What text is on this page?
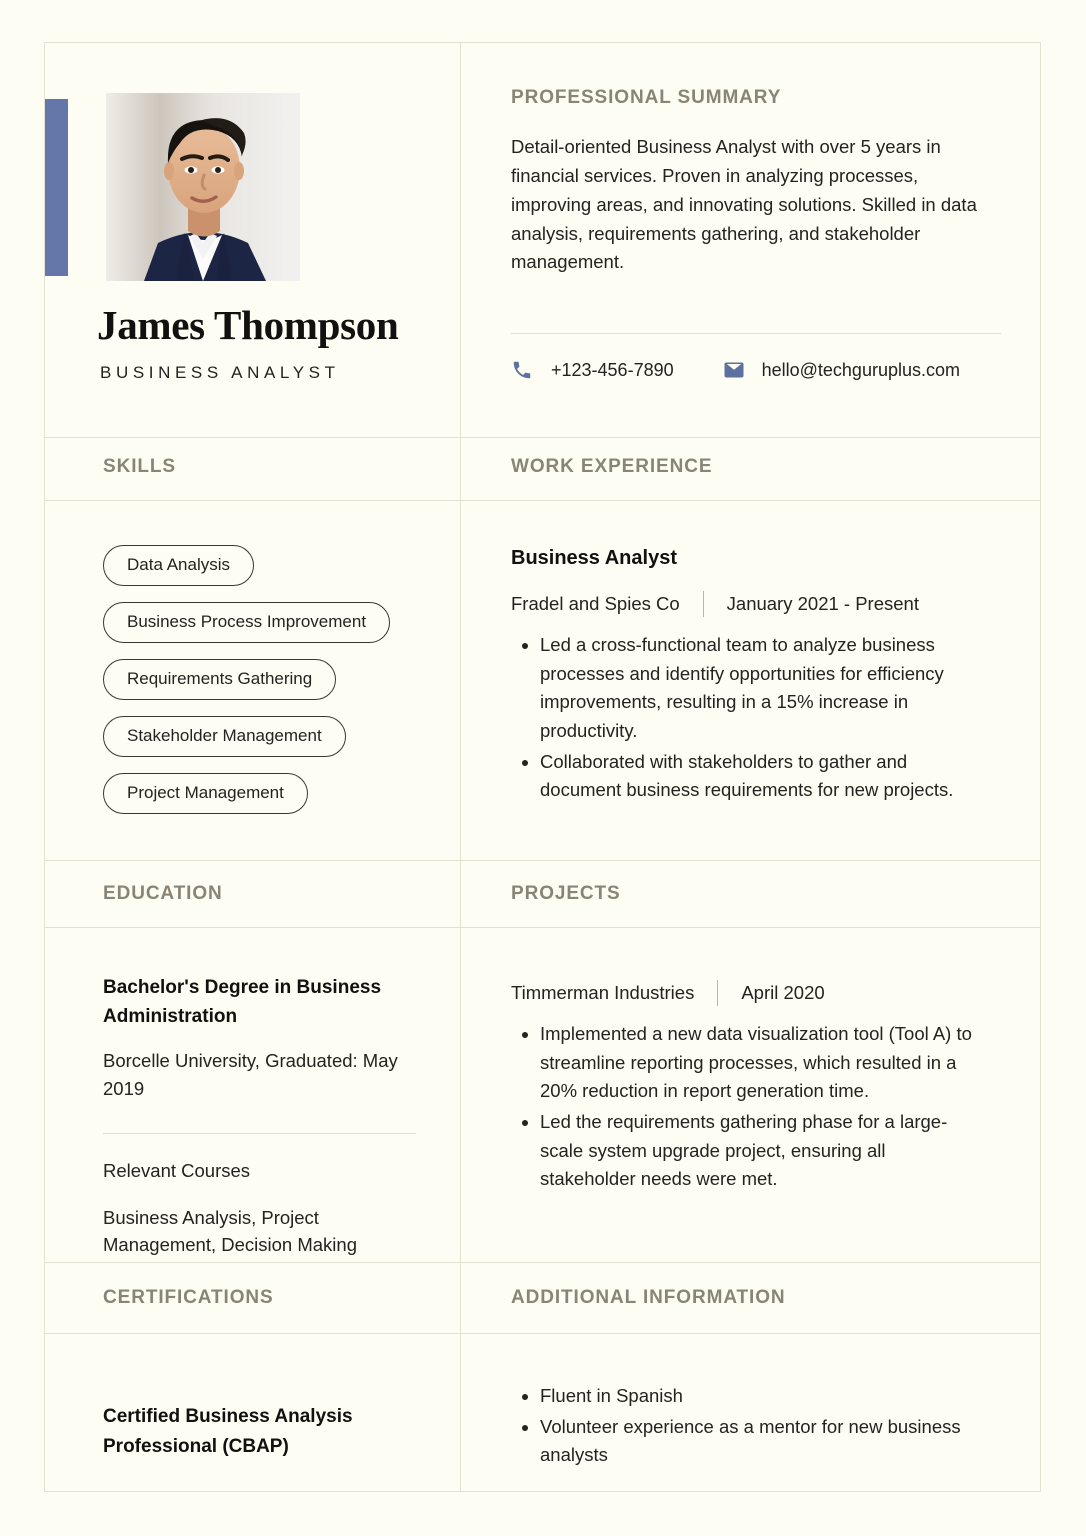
James Thompson
BUSINESS ANALYST
PROFESSIONAL SUMMARY
Detail-oriented Business Analyst with over 5 years in financial services. Proven in analyzing processes, improving areas, and innovating solutions. Skilled in data analysis, requirements gathering, and stakeholder management.
+123-456-7890	hello@techguruplus.com
SKILLS	WORK EXPERIENCE
Data Analysis
Business Process Improvement
Requirements Gathering
Stakeholder Management
Project Management
Business Analyst
Fradel and Spies Co	January 2021 - Present
• Led a cross-functional team to analyze business processes and identify opportunities for efficiency improvements, resulting in a 15% increase in productivity.
• Collaborated with stakeholders to gather and document business requirements for new projects.
EDUCATION	PROJECTS
Bachelor's Degree in Business Administration
Borcelle University, Graduated: May 2019
Relevant Courses
Business Analysis, Project Management, Decision Making
Timmerman Industries	April 2020
• Implemented a new data visualization tool (Tool A) to streamline reporting processes, which resulted in a 20% reduction in report generation time.
• Led the requirements gathering phase for a large-scale system upgrade project, ensuring all stakeholder needs were met.
CERTIFICATIONS	ADDITIONAL INFORMATION
Certified Business Analysis Professional (CBAP)
• Fluent in Spanish
• Volunteer experience as a mentor for new business analysts
